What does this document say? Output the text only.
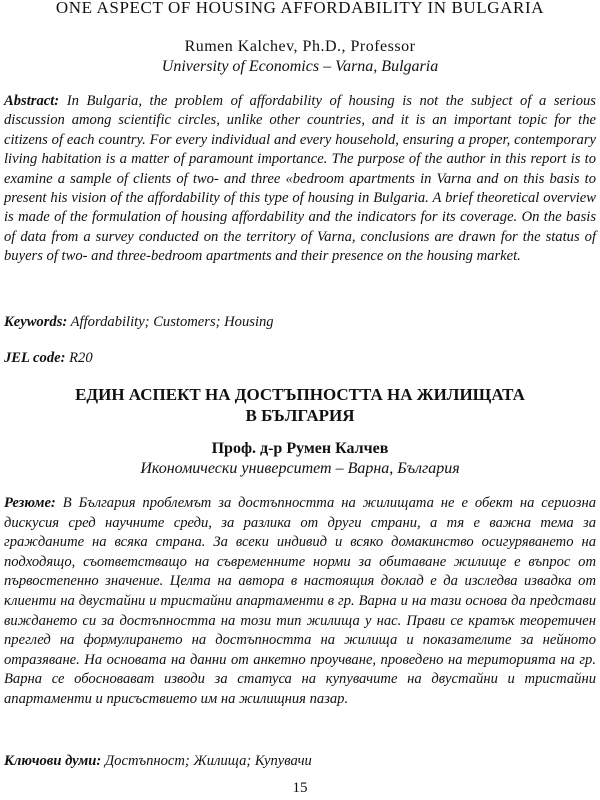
ONE ASPECT OF HOUSING AFFORDABILITY IN BULGARIA
Rumen Kalchev, Ph.D., Professor
University of Economics – Varna, Bulgaria
Abstract: In Bulgaria, the problem of affordability of housing is not the subject of a serious discussion among scientific circles, unlike other countries, and it is an important topic for the citizens of each country. For every individual and every household, ensuring a proper, contemporary living habitation is a matter of paramount importance. The purpose of the author in this report is to examine a sample of clients of two- and three «bedroom apartments in Varna and on this basis to present his vision of the affordability of this type of housing in Bulgaria. A brief theoretical overview is made of the formulation of housing affordability and the indicators for its coverage. On the basis of data from a survey conducted on the territory of Varna, conclusions are drawn for the status of buyers of two- and three-bedroom apartments and their presence on the housing market.
Keywords: Affordability; Customers; Housing
JEL code: R20
ЕДИН АСПЕКТ НА ДОСТЪПНОСТТА НА ЖИЛИЩАТА
В БЪЛГАРИЯ
Проф. д-р Румен Калчев
Икономически университет – Варна, България
Резюме: В България проблемът за достъпността на жилищата не е обект на сериозна дискусия сред научните среди, за разлика от други страни, а тя е важна тема за гражданите на всяка страна. За всеки индивид и всяко домакинство осигуряването на подходящо, съответстващо на съвременните норми за обитаване жилище е въпрос от първостепенно значение. Целта на автора в настоящия доклад е да изследва извадка от клиенти на двустайни и тристайни апартаменти в гр. Варна и на тази основа да представи виждането си за достъпността на този тип жилища у нас. Прави се кратък теоретичен преглед на формулирането на достъпността на жилища и показателите за нейното отразяване. На основата на данни от анкетно проучване, проведено на територията на гр. Варна се обосновават изводи за статуса на купувачите на двустайни и тристайни апартаменти и присъствието им на жилищния пазар.
Ключови думи: Достъпност; Жилища; Купувачи
15
